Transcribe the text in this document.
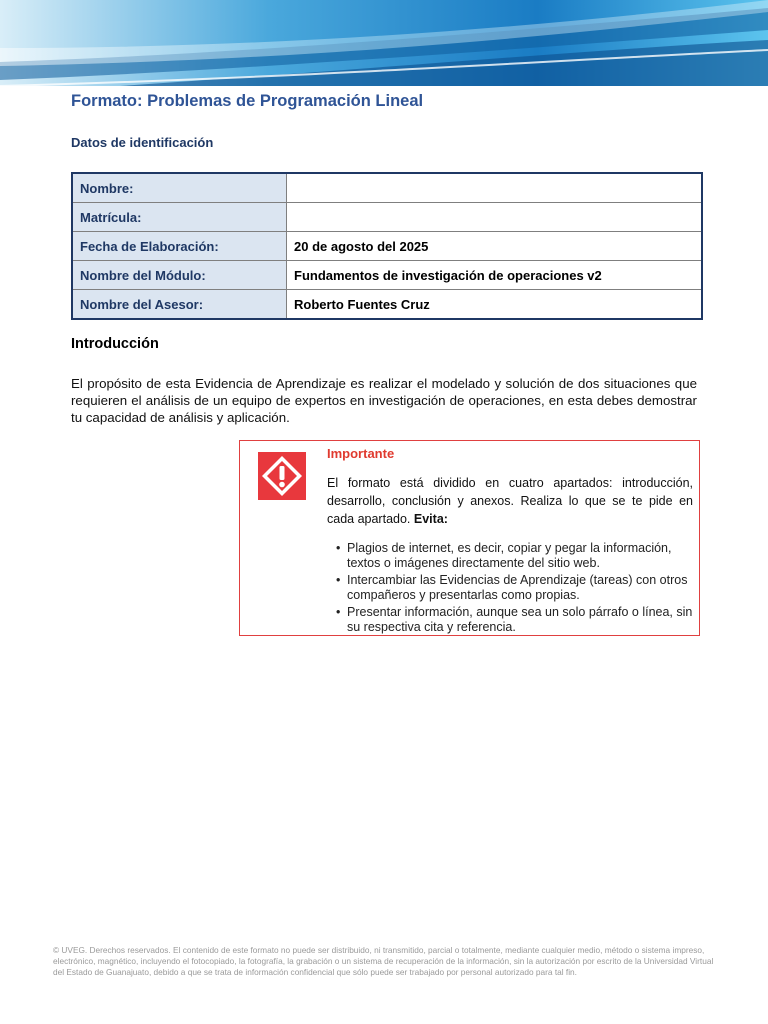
Formato: Problemas de Programación Lineal
Datos de identificación
Nombre:	
Matrícula:	
Fecha de Elaboración:	20 de agosto del 2025
Nombre del Módulo:	Fundamentos de investigación de operaciones v2
Nombre del Asesor:	Roberto Fuentes Cruz
Introducción
El propósito de esta Evidencia de Aprendizaje es realizar el modelado y solución de dos situaciones que requieren el análisis de un equipo de expertos en investigación de operaciones, en esta debes demostrar tu capacidad de análisis y aplicación.
Importante
El formato está dividido en cuatro apartados: introducción, desarrollo, conclusión y anexos. Realiza lo que se te pide en cada apartado. Evita:
• Plagios de internet, es decir, copiar y pegar la información, textos o imágenes directamente del sitio web.
• Intercambiar las Evidencias de Aprendizaje (tareas) con otros compañeros y presentarlas como propias.
• Presentar información, aunque sea un solo párrafo o línea, sin su respectiva cita y referencia.
© UVEG. Derechos reservados. El contenido de este formato no puede ser distribuido, ni transmitido, parcial o totalmente, mediante cualquier medio, método o sistema impreso, electrónico, magnético, incluyendo el fotocopiado, la fotografía, la grabación o un sistema de recuperación de la información, sin la autorización por escrito de la Universidad Virtual del Estado de Guanajuato, debido a que se trata de información confidencial que sólo puede ser trabajado por personal autorizado para tal fin.
